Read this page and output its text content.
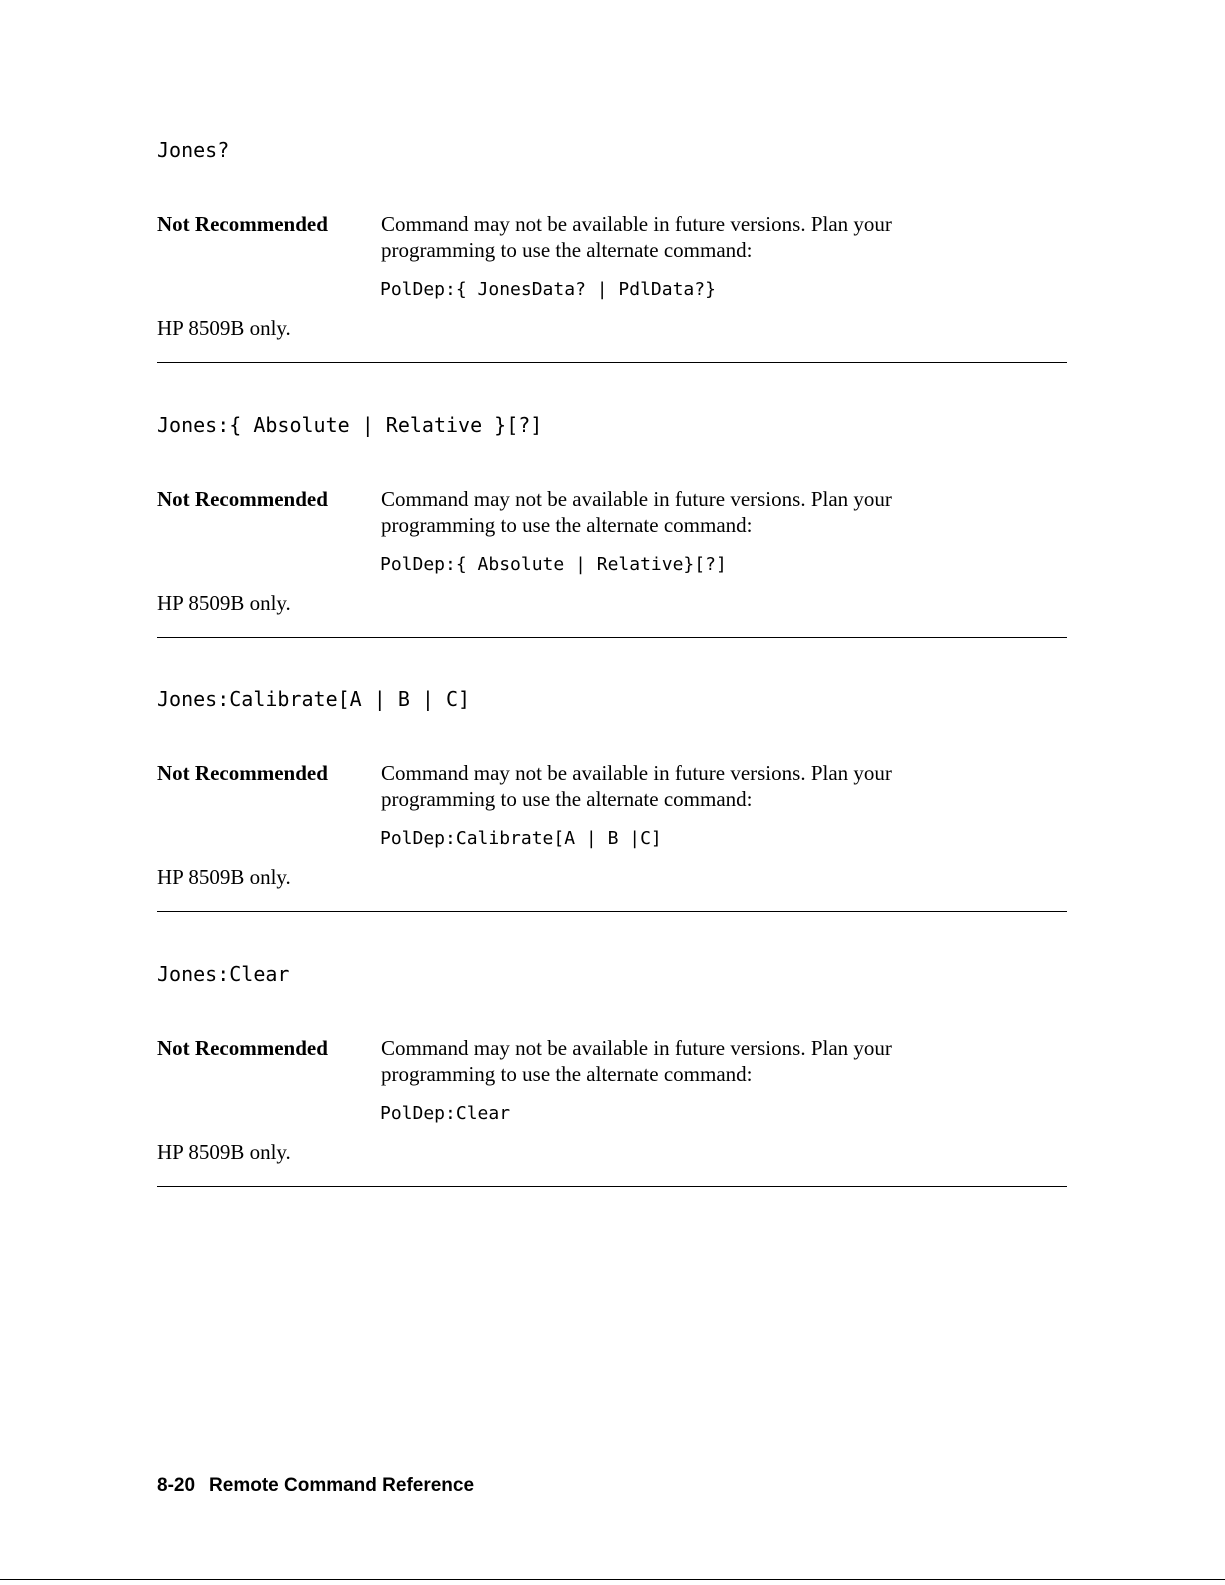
Jones?
Not Recommended	Command may not be available in future versions. Plan your programming to use the alternate command:
PolDep:{ JonesData? | PdlData?}
HP 8509B only.
Jones:{ Absolute | Relative }[?]
Not Recommended	Command may not be available in future versions. Plan your programming to use the alternate command:
PolDep:{ Absolute | Relative}[?]
HP 8509B only.
Jones:Calibrate[A | B | C]
Not Recommended	Command may not be available in future versions. Plan your programming to use the alternate command:
PolDep:Calibrate[A | B |C]
HP 8509B only.
Jones:Clear
Not Recommended	Command may not be available in future versions. Plan your programming to use the alternate command:
PolDep:Clear
HP 8509B only.
8-20 Remote Command Reference
